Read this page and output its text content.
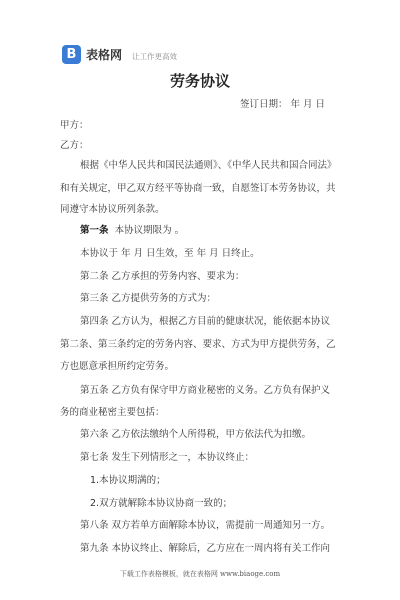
B 表格网 让工作更高效
劳务协议
签订日期： 年 月 日
甲方：
乙方：
根据《中华人民共和国民法通则》、《中华人民共和国合同法》
和有关规定，甲乙双方经平等协商一致，自愿签订本劳务协议，共
同遵守本协议所列条款。
第一条 本协议期限为 。
本协议于 年 月 日生效，至 年 月 日终止。
第二条 乙方承担的劳务内容、要求为：
第三条 乙方提供劳务的方式为：
第四条 乙方认为，根据乙方目前的健康状况，能依据本协议
第二条、第三条约定的劳务内容、要求、方式为甲方提供劳务，乙
方也愿意承担所约定劳务。
第五条 乙方负有保守甲方商业秘密的义务。乙方负有保护义
务的商业秘密主要包括：
第六条 乙方依法缴纳个人所得税，甲方依法代为扣缴。
第七条 发生下列情形之一，本协议终止：
1.本协议期满的；
2.双方就解除本协议协商一致的；
第八条 双方若单方面解除本协议，需提前一周通知另一方。
第九条 本协议终止、解除后，乙方应在一周内将有关工作向
下载工作表格模板，就在表格网 www.biaoge.com
